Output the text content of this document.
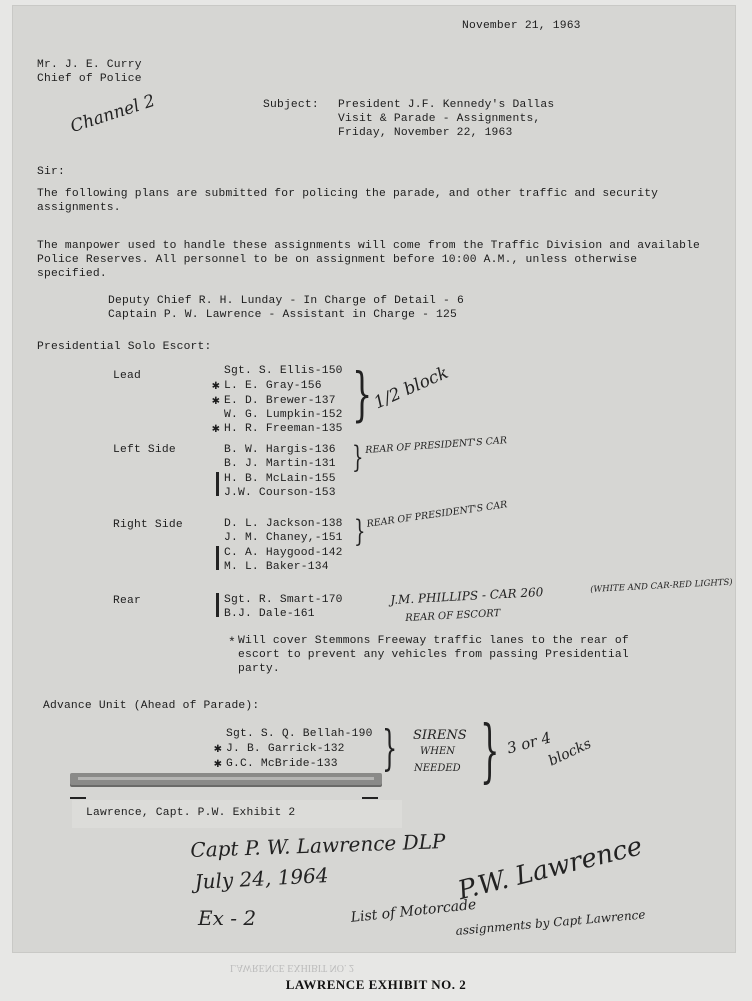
November 21, 1963
Mr. J. E. Curry
Chief of Police
Channel 2	Subject: President J.F. Kennedy's Dallas
Visit & Parade - Assignments,
Friday, November 22, 1963
Sir:
The following plans are submitted for policing the parade, and other traffic and security assignments.
The manpower used to handle these assignments will come from the Traffic Division and available Police Reserves. All personnel to be on assignment before 10:00 A.M., unless otherwise specified.
Deputy Chief R. H. Lunday - In Charge of Detail - 6
Captain P. W. Lawrence - Assistant in Charge - 125
Presidential Solo Escort:
Lead	Sgt. S. Ellis-150
✱ L. E. Gray-156
✱ E. D. Brewer-137
W. G. Lumpkin-152
✱ H. R. Freeman-135
}
1/2 block
Left Side	B. W. Hargis-136
B. J. Martin-131
H. B. McLain-155
J.W. Courson-153
} REAR OF PRESIDENT'S CAR
Right Side	D. L. Jackson-138
J. M. Chaney,-151
C. A. Haygood-142
M. L. Baker-134
} REAR OF PRESIDENT'S CAR
Rear	Sgt. R. Smart-170
B.J. Dale-161
J.M. PHILLIPS - CAR 260	(WHITE AND CAR-RED LIGHTS)
REAR OF ESCORT
* Will cover Stemmons Freeway traffic lanes to the rear of
escort to prevent any vehicles from passing Presidential
party.
Advance Unit (Ahead of Parade):
Sgt. S. Q. Bellah-190
✱ J. B. Garrick-132
✱ G.C. McBride-133 } SIRENS
WHEN
NEEDED } 3 or 4
blocks
Lawrence, Capt. P.W. Exhibit 2
Capt P. W. Lawrence DLP
July 24, 1964
Ex - 2	List of Motorcade
P.W. Lawrence
assignments by Capt Lawrence
LAWRENCE EXHIBIT NO. 2
LAWRENCE EXHIBIT NO. 2
